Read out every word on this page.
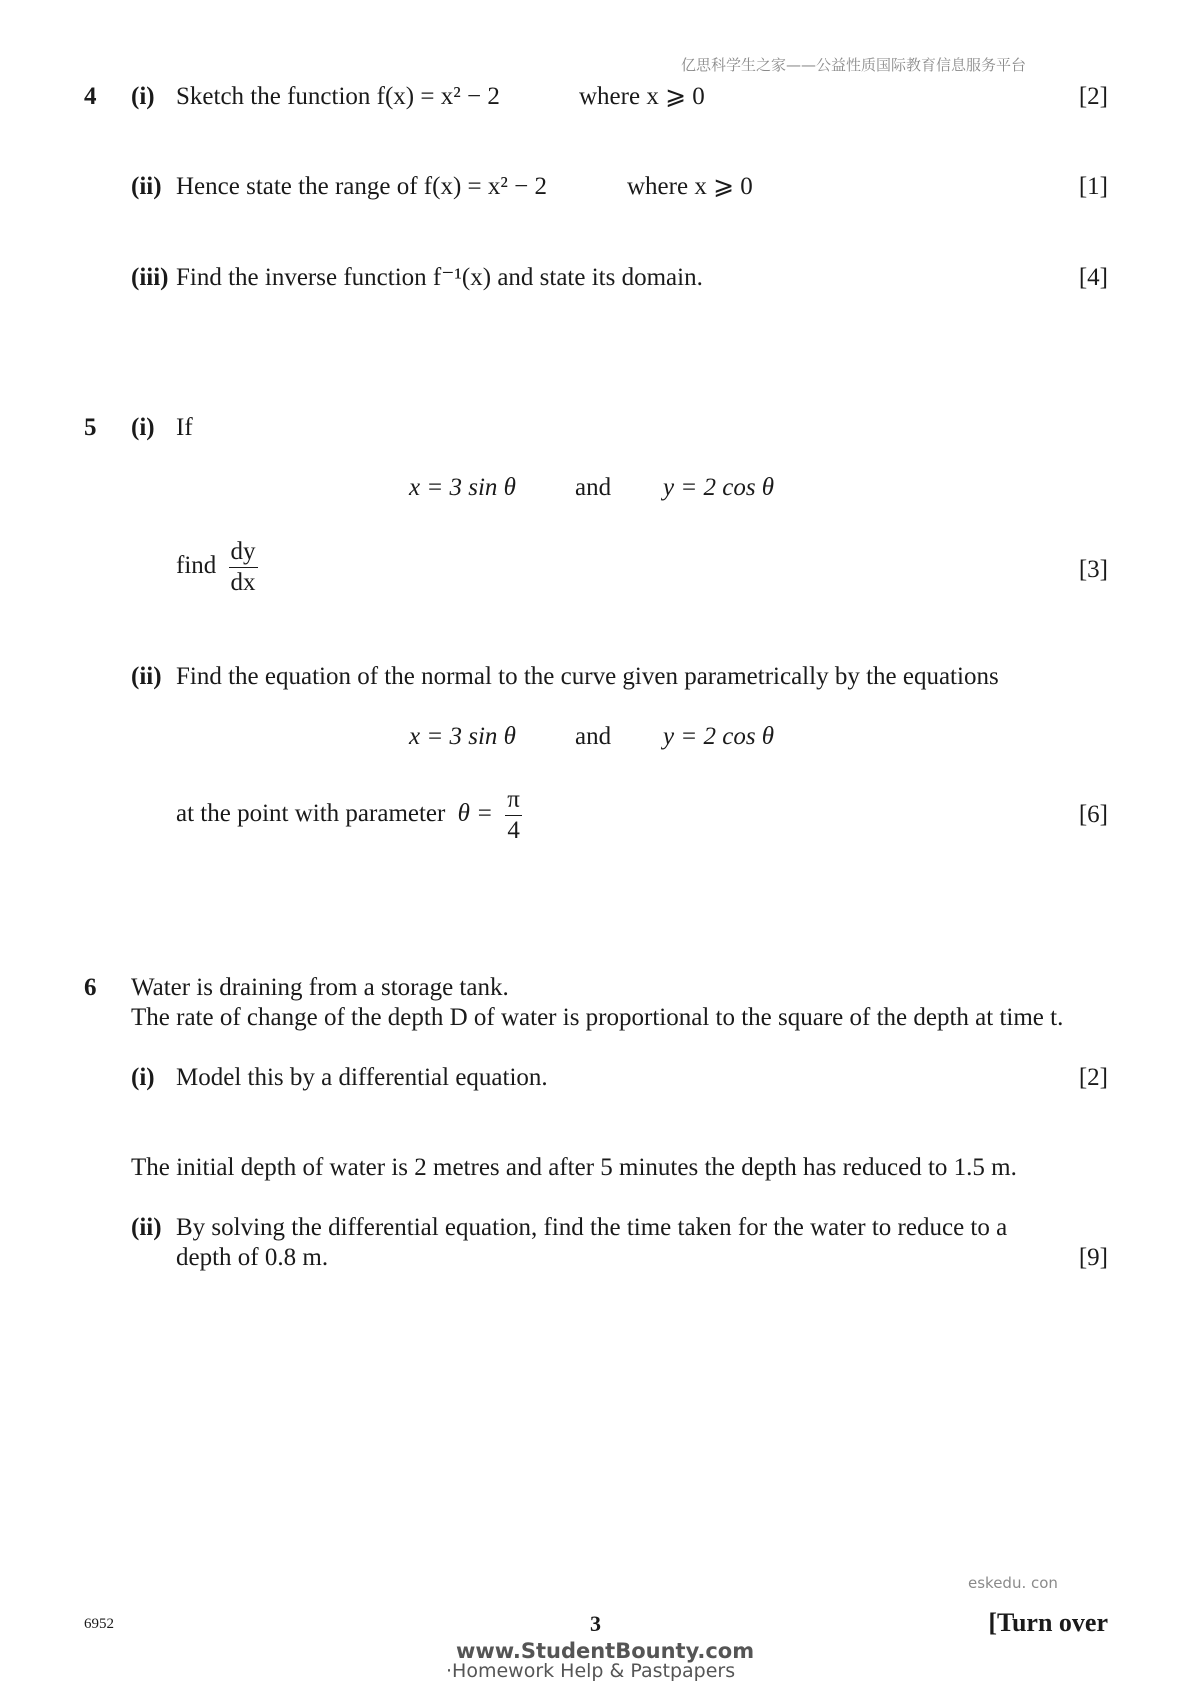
亿思科学生之家——公益性质国际教育信息服务平台
4 (i) Sketch the function f(x) = x² − 2	where x ⩾ 0	[2]
(ii) Hence state the range of f(x) = x² − 2	where x ⩾ 0	[1]
(iii) Find the inverse function f⁻¹(x) and state its domain.	[4]
5 (i) If
x = 3 sin θ and y = 2 cos θ
find $\frac{dy}{dx}$	[3]
(ii) Find the equation of the normal to the curve given parametrically by the equations
x = 3 sin θ and y = 2 cos θ
at the point with parameter $\theta = \frac{\pi}{4}$	[6]
6 Water is draining from a storage tank.
The rate of change of the depth D of water is proportional to the square of the depth at time t.
(i) Model this by a differential equation.	[2]
The initial depth of water is 2 metres and after 5 minutes the depth has reduced to 1.5 m.
(ii) By solving the differential equation, find the time taken for the water to reduce to a
depth of 0.8 m.	[9]
eskedu. con
6952	3	[Turn over
www.StudentBounty.com
·Homework Help & Pastpapers
